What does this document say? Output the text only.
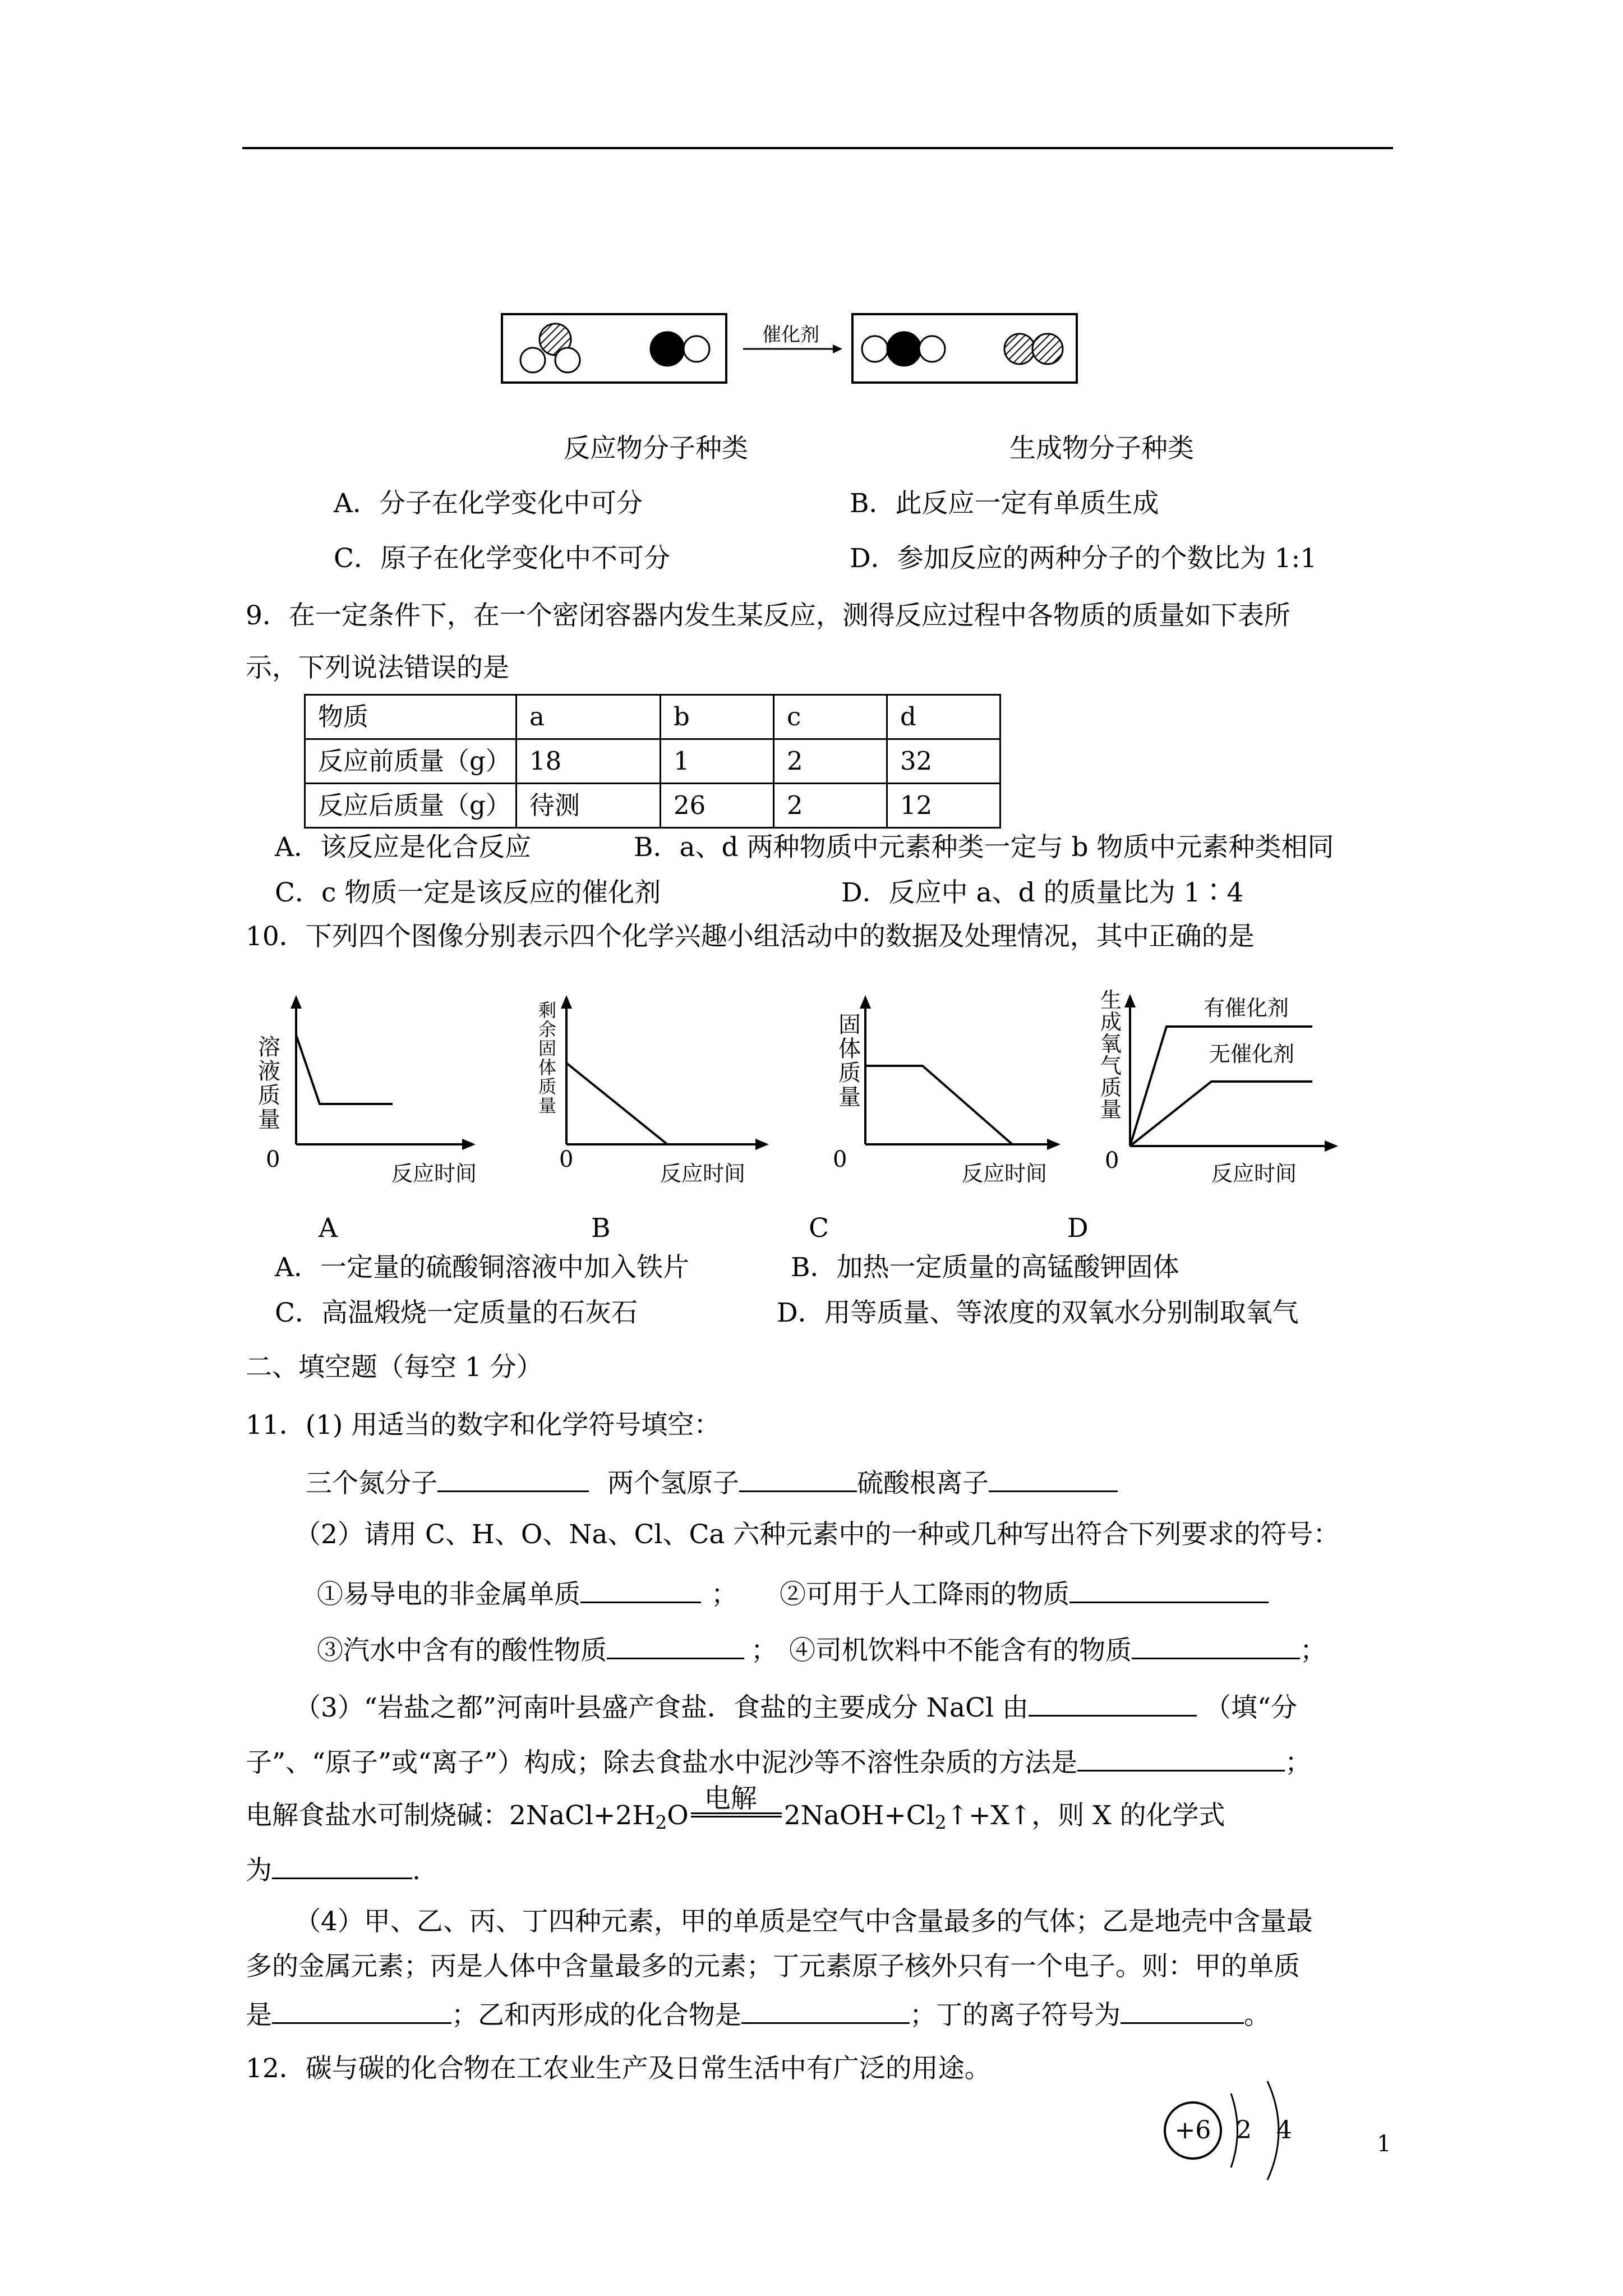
催化剂
反应物分子种类	生成物分子种类
A．分子在化学变化中可分	B．此反应一定有单质生成
C．原子在化学变化中不可分	D．参加反应的两种分子的个数比为 1:1
9．在一定条件下，在一个密闭容器内发生某反应，测得反应过程中各物质的质量如下表所
示，下列说法错误的是
物质	a	b	c	d
反应前质量（g）	18	1	2	32
反应后质量（g）	待测	26	2	12
A．该反应是化合反应	B．a、d 两种物质中元素种类一定与 b 物质中元素种类相同
C．c 物质一定是该反应的催化剂	D．反应中 a、d 的质量比为 1∶4
10．下列四个图像分别表示四个化学兴趣小组活动中的数据及处理情况，其中正确的是
溶
液
质
量
0
反应时间
A
剩
余
固
体
质
量
0
反应时间
B
固
体
质
量
0
反应时间
C
生
成
氧
气
质
量
有催化剂
无催化剂
0	反应时间
D
A．一定量的硫酸铜溶液中加入铁片	B．加热一定质量的高锰酸钾固体
C．高温煅烧一定质量的石灰石	D．用等质量、等浓度的双氧水分别制取氧气
二、填空题（每空 1 分）
11．(1) 用适当的数字和化学符号填空：
三个氮分子	两个氢原子	硫酸根离子
（2）请用 C、H、O、Na、Cl、Ca 六种元素中的一种或几种写出符合下列要求的符号：
①易导电的非金属单质	； ②可用于人工降雨的物质
③汽水中含有的酸性物质	； ④司机饮料中不能含有的物质	；
（3）“岩盐之都”河南叶县盛产食盐．食盐的主要成分 NaCl 由	（填“分
子”、“原子”或“离子”）构成；除去食盐水中泥沙等不溶性杂质的方法是	；
电解食盐水可制烧碱：$2NaCl+2H_2O$
电解
$2NaOH+Cl_2↑+X↑$，则 X 的化学式
为	.
（4）甲、乙、丙、丁四种元素，甲的单质是空气中含量最多的气体；乙是地壳中含量最
多的金属元素；丙是人体中含量最多的元素；丁元素原子核外只有一个电子。则：甲的单质
是	；乙和丙形成的化合物是	；丁的离子符号为	。
12．碳与碳的化合物在工农业生产及日常生活中有广泛的用途。
+6 2 4	1
